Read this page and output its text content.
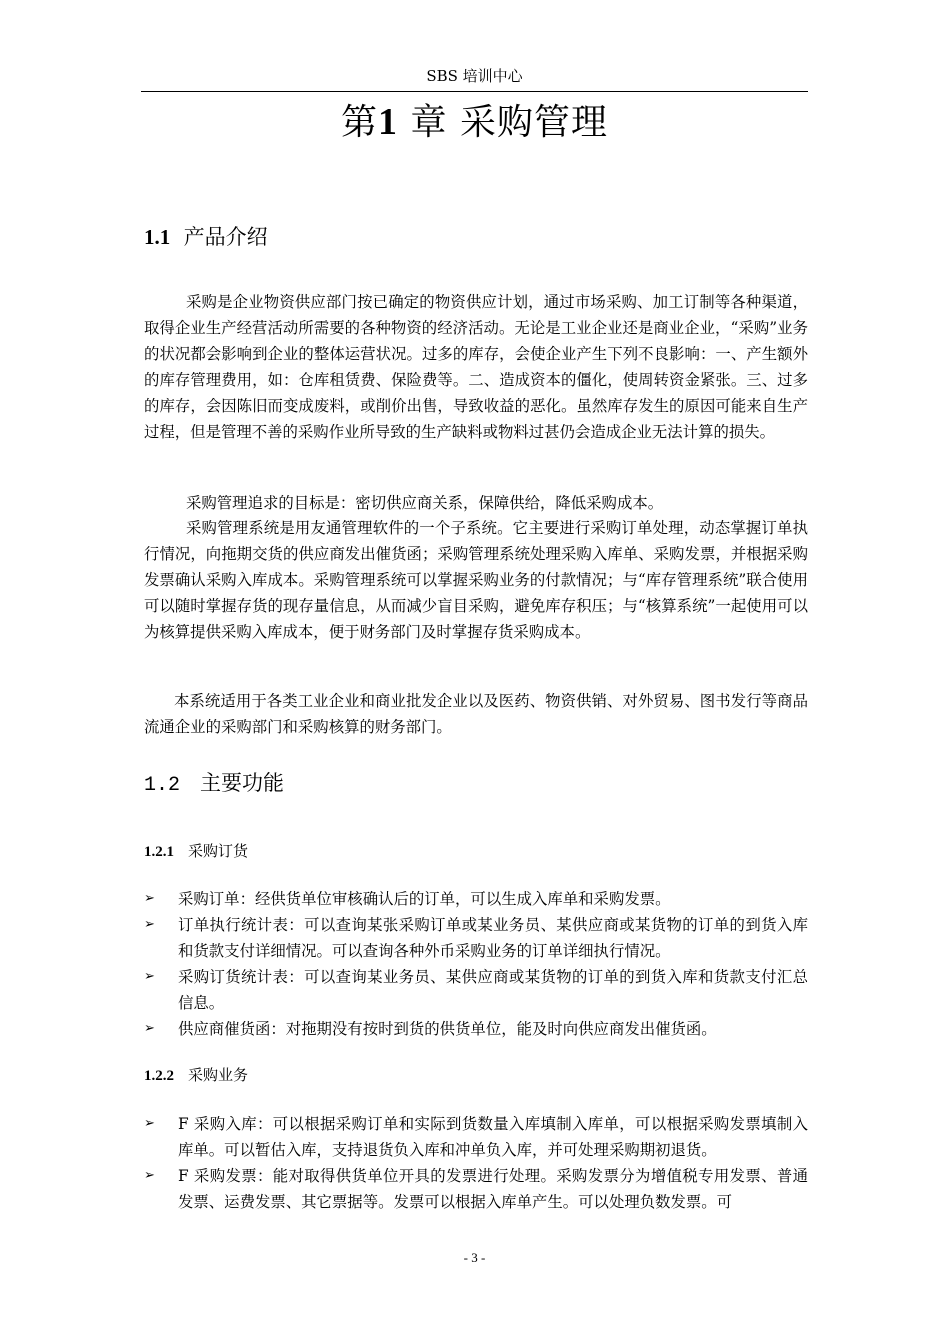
SBS 培训中心
第1 章 采购管理
1.1 产品介绍

采购是企业物资供应部门按已确定的物资供应计划，通过市场采购、加工订制等各种渠道，取得企业生产经营活动所需要的各种物资的经济活动。无论是工业企业还是商业企业，“采购”业务的状况都会影响到企业的整体运营状况。过多的库存，会使企业产生下列不良影响：一、产生额外的库存管理费用，如：仓库租赁费、保险费等。二、造成资本的僵化，使周转资金紧张。三、过多的库存，会因陈旧而变成废料，或削价出售，导致收益的恶化。虽然库存发生的原因可能来自生产过程，但是管理不善的采购作业所导致的生产缺料或物料过甚仍会造成企业无法计算的损失。

采购管理追求的目标是：密切供应商关系，保障供给，降低采购成本。

采购管理系统是用友通管理软件的一个子系统。它主要进行采购订单处理，动态掌握订单执行情况，向拖期交货的供应商发出催货函；采购管理系统处理采购入库单、采购发票，并根据采购发票确认采购入库成本。采购管理系统可以掌握采购业务的付款情况；与“库存管理系统”联合使用可以随时掌握存货的现存量信息，从而减少盲目采购，避免库存积压；与“核算系统”一起使用可以为核算提供采购入库成本，便于财务部门及时掌握存货采购成本。

本系统适用于各类工业企业和商业批发企业以及医药、物资供销、对外贸易、图书发行等商品流通企业的采购部门和采购核算的财务部门。

1.2 主要功能
1.2.1 采购订货
➢ 采购订单：经供货单位审核确认后的订单，可以生成入库单和采购发票。
➢ 订单执行统计表：可以查询某张采购订单或某业务员、某供应商或某货物的订单的到货入库和货款支付详细情况。可以查询各种外币采购业务的订单详细执行情况。
➢ 采购订货统计表：可以查询某业务员、某供应商或某货物的订单的到货入库和货款支付汇总信息。
➢ 供应商催货函：对拖期没有按时到货的供货单位，能及时向供应商发出催货函。
1.2.2 采购业务
➢ F 采购入库：可以根据采购订单和实际到货数量入库填制入库单，可以根据采购发票填制入库单。可以暂估入库，支持退货负入库和冲单负入库，并可处理采购期初退货。
➢ F 采购发票：能对取得供货单位开具的发票进行处理。采购发票分为增值税专用发票、普通发票、运费发票、其它票据等。发票可以根据入库单产生。可以处理负数发票。可
- 3 -
